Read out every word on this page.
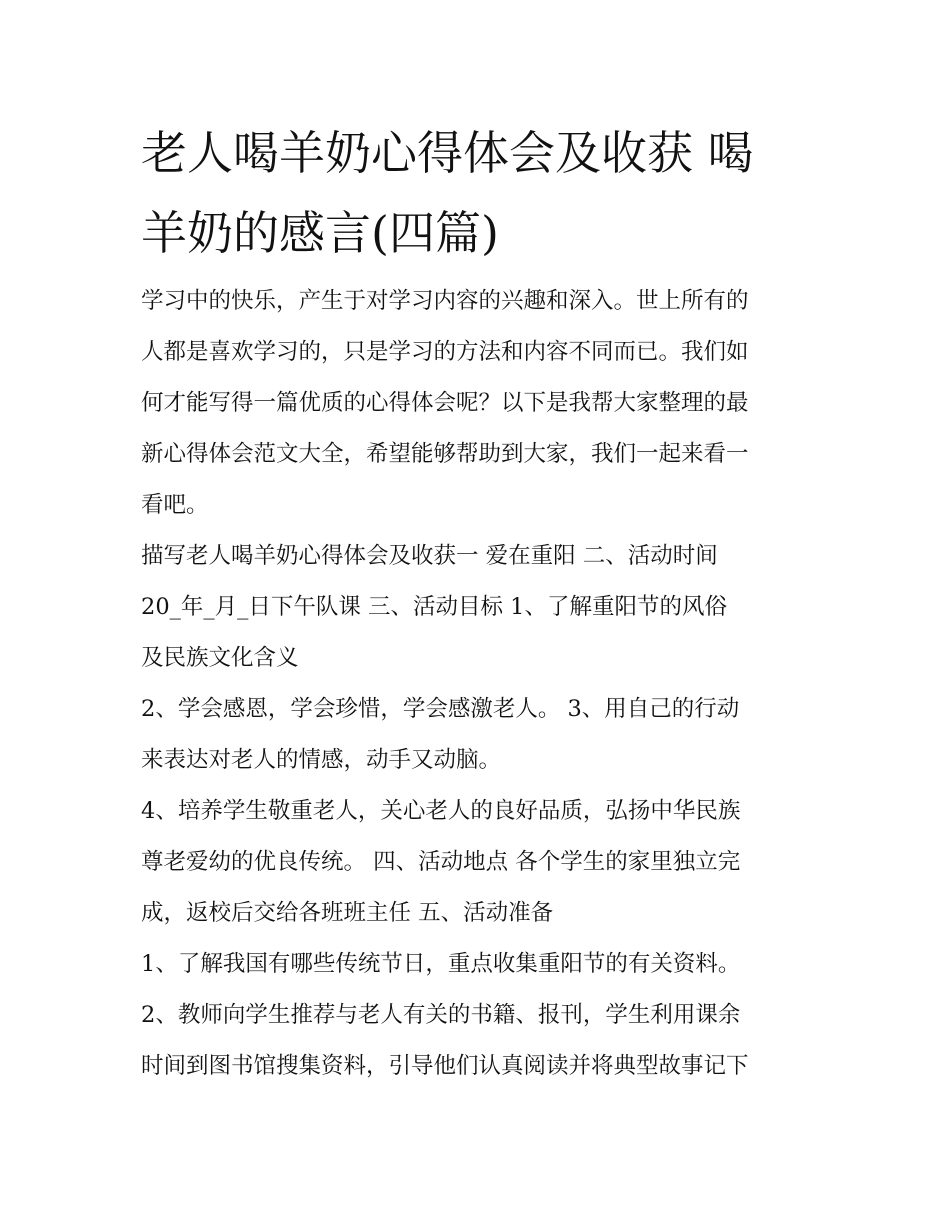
老人喝羊奶心得体会及收获 喝
羊奶的感言(四篇)
学习中的快乐，产生于对学习内容的兴趣和深入。世上所有的
人都是喜欢学习的，只是学习的方法和内容不同而已。我们如
何才能写得一篇优质的心得体会呢？以下是我帮大家整理的最
新心得体会范文大全，希望能够帮助到大家，我们一起来看一
看吧。
描写老人喝羊奶心得体会及收获一 爱在重阳 二、活动时间
20_年_月_日下午队课 三、活动目标 1、了解重阳节的风俗
及民族文化含义
2、学会感恩，学会珍惜，学会感激老人。 3、用自己的行动
来表达对老人的情感，动手又动脑。
4、培养学生敬重老人，关心老人的良好品质，弘扬中华民族
尊老爱幼的优良传统。 四、活动地点 各个学生的家里独立完
成，返校后交给各班班主任 五、活动准备
1、了解我国有哪些传统节日，重点收集重阳节的有关资料。
2、教师向学生推荐与老人有关的书籍、报刊，学生利用课余
时间到图书馆搜集资料，引导他们认真阅读并将典型故事记下
